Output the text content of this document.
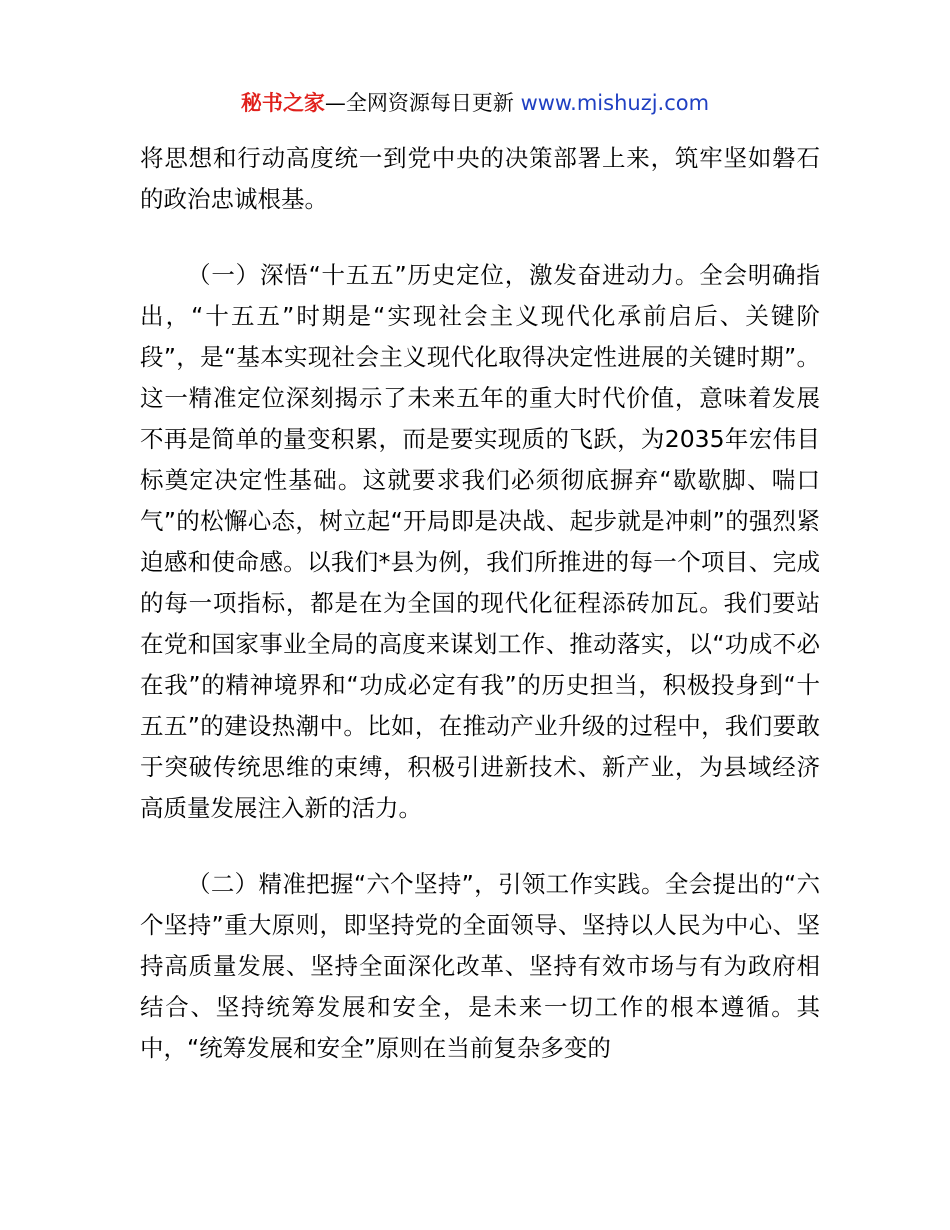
秘书之家—全网资源每日更新 www.mishuzj.com

将思想和行动高度统一到党中央的决策部署上来，筑牢坚如磐石的政治忠诚根基。

（一）深悟“十五五”历史定位，激发奋进动力。全会明确指出，“十五五”时期是“实现社会主义现代化承前启后、关键阶段”，是“基本实现社会主义现代化取得决定性进展的关键时期”。这一精准定位深刻揭示了未来五年的重大时代价值，意味着发展不再是简单的量变积累，而是要实现质的飞跃，为2035年宏伟目标奠定决定性基础。这就要求我们必须彻底摒弃“歇歇脚、喘口气”的松懈心态，树立起“开局即是决战、起步就是冲刺”的强烈紧迫感和使命感。以我们*县为例，我们所推进的每一个项目、完成的每一项指标，都是在为全国的现代化征程添砖加瓦。我们要站在党和国家事业全局的高度来谋划工作、推动落实，以“功成不必在我”的精神境界和“功成必定有我”的历史担当，积极投身到“十五五”的建设热潮中。比如，在推动产业升级的过程中，我们要敢于突破传统思维的束缚，积极引进新技术、新产业，为县域经济高质量发展注入新的活力。

（二）精准把握“六个坚持”，引领工作实践。全会提出的“六个坚持”重大原则，即坚持党的全面领导、坚持以人民为中心、坚持高质量发展、坚持全面深化改革、坚持有效市场与有为政府相结合、坚持统筹发展和安全，是未来一切工作的根本遵循。其中，“统筹发展和安全”原则在当前复杂多变的
